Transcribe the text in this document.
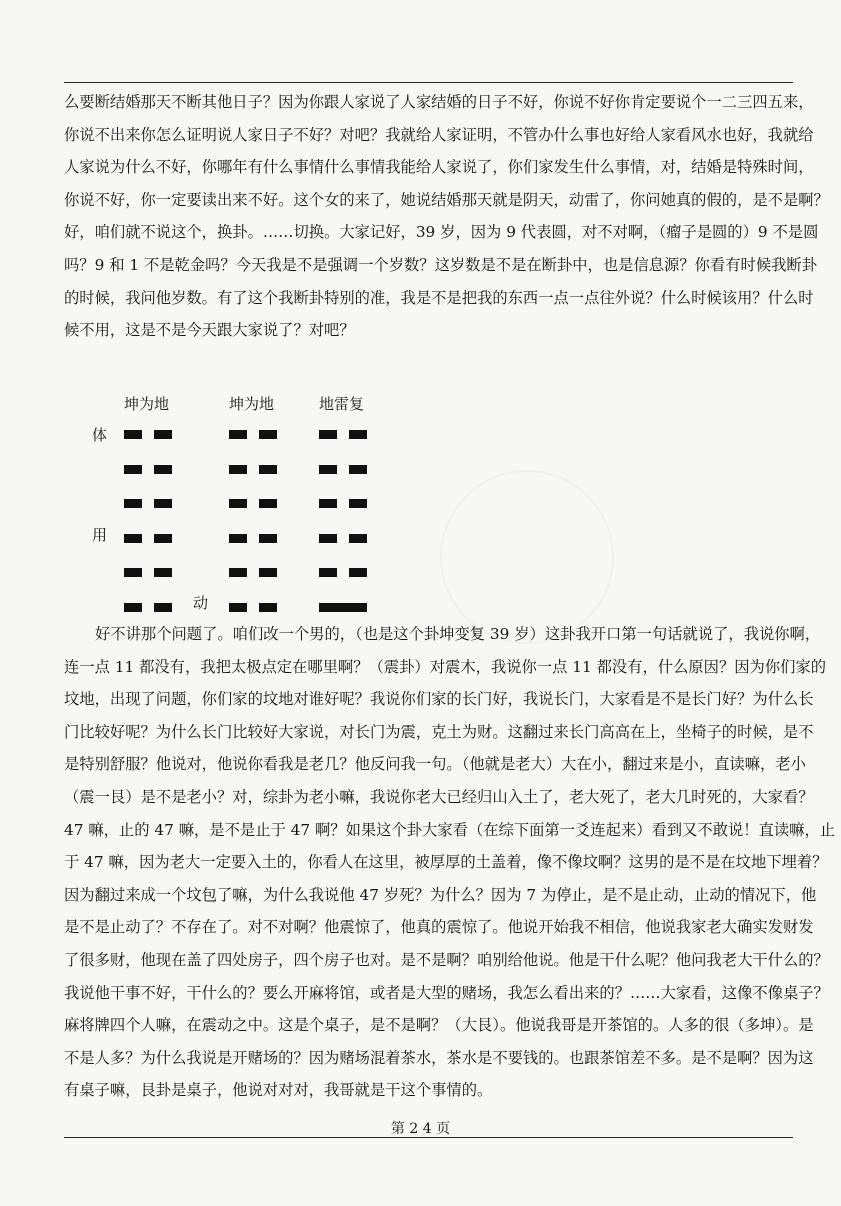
么要断结婚那天不断其他日子？因为你跟人家说了人家结婚的日子不好，你说不好你肯定要说个一二三四五来，
你说不出来你怎么证明说人家日子不好？对吧？我就给人家证明，不管办什么事也好给人家看风水也好，我就给
人家说为什么不好，你哪年有什么事情什么事情我能给人家说了，你们家发生什么事情，对，结婚是特殊时间，
你说不好，你一定要读出来不好。这个女的来了，她说结婚那天就是阴天，动雷了，你问她真的假的，是不是啊？
好，咱们就不说这个，换卦。……切换。大家记好，39 岁，因为 9 代表圆，对不对啊，（瘤子是圆的）9 不是圆
吗？9 和 1 不是乾金吗？今天我是不是强调一个岁数？这岁数是不是在断卦中，也是信息源？你看有时候我断卦
的时候，我问他岁数。有了这个我断卦特别的准，我是不是把我的东西一点一点往外说？什么时候该用？什么时
候不用，这是不是今天跟大家说了？对吧？
坤为地	坤为地	地雷复
体
用
动
好不讲那个问题了。咱们改一个男的，（也是这个卦坤变复 39 岁）这卦我开口第一句话就说了，我说你啊，
连一点 11 都没有，我把太极点定在哪里啊？（震卦）对震木，我说你一点 11 都没有，什么原因？因为你们家的
坟地，出现了问题，你们家的坟地对谁好呢？我说你们家的长门好，我说长门，大家看是不是长门好？为什么长
门比较好呢？为什么长门比较好大家说，对长门为震，克土为财。这翻过来长门高高在上，坐椅子的时候，是不
是特别舒服？他说对，他说你看我是老几？他反问我一句。（他就是老大）大在小，翻过来是小，直读嘛，老小
（震一艮）是不是老小？对，综卦为老小嘛，我说你老大已经归山入土了，老大死了，老大几时死的，大家看？
47 嘛，止的 47 嘛，是不是止于 47 啊？如果这个卦大家看（在综下面第一爻连起来）看到又不敢说！直读嘛，止
于 47 嘛，因为老大一定要入土的，你看人在这里，被厚厚的土盖着，像不像坟啊？这男的是不是在坟地下埋着？
因为翻过来成一个坟包了嘛，为什么我说他 47 岁死？为什么？因为 7 为停止，是不是止动，止动的情况下，他
是不是止动了？不存在了。对不对啊？他震惊了，他真的震惊了。他说开始我不相信，他说我家老大确实发财发
了很多财，他现在盖了四处房子，四个房子也对。是不是啊？咱别给他说。他是干什么呢？他问我老大干什么的？
我说他干事不好，干什么的？要么开麻将馆，或者是大型的赌场，我怎么看出来的？……大家看，这像不像桌子？
麻将牌四个人嘛，在震动之中。这是个桌子，是不是啊？（大艮）。他说我哥是开茶馆的。人多的很（多坤）。是
不是人多？为什么我说是开赌场的？因为赌场混着茶水，茶水是不要钱的。也跟茶馆差不多。是不是啊？因为这
有桌子嘛，艮卦是桌子，他说对对对，我哥就是干这个事情的。
第 2 4 页
